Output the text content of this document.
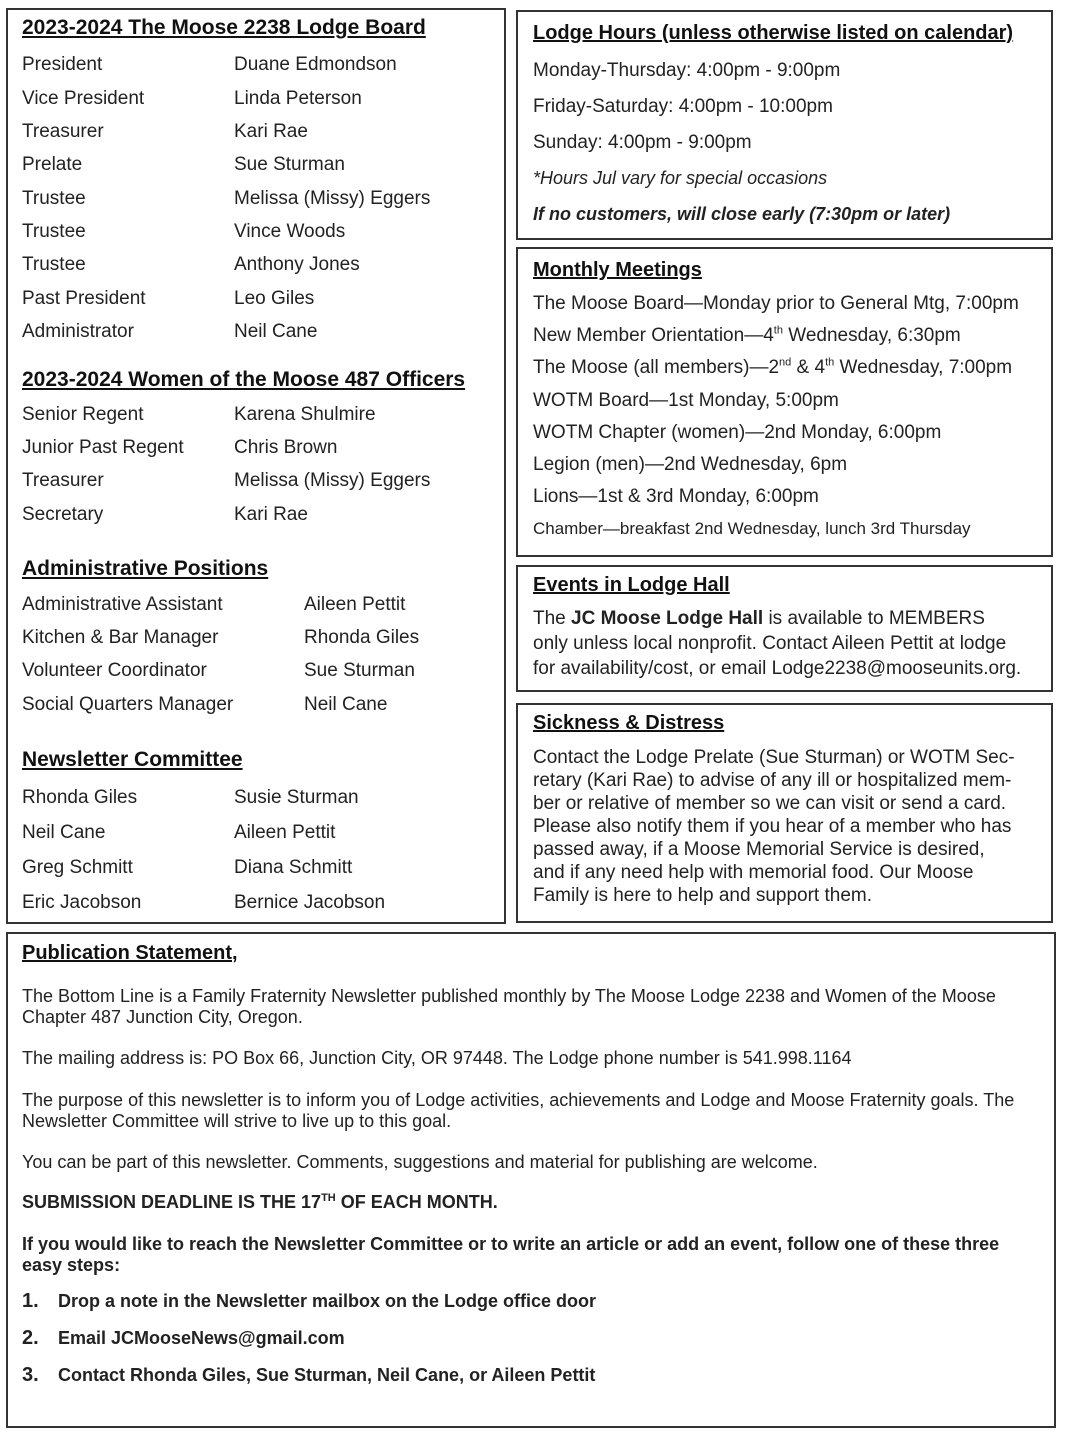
2023-2024 The Moose 2238 Lodge Board
President	Duane Edmondson
Vice President	Linda Peterson
Treasurer	Kari Rae
Prelate	Sue Sturman
Trustee	Melissa (Missy) Eggers
Trustee	Vince Woods
Trustee	Anthony Jones
Past President	Leo Giles
Administrator	Neil Cane
2023-2024 Women of the Moose 487 Officers
Senior Regent	Karena Shulmire
Junior Past Regent	Chris Brown
Treasurer	Melissa (Missy) Eggers
Secretary	Kari Rae
Administrative Positions
Administrative Assistant	Aileen Pettit
Kitchen & Bar Manager	Rhonda Giles
Volunteer Coordinator	Sue Sturman
Social Quarters Manager	Neil Cane
Newsletter Committee
Rhonda Giles	Susie Sturman
Neil Cane	Aileen Pettit
Greg Schmitt	Diana Schmitt
Eric Jacobson	Bernice Jacobson
Lodge Hours (unless otherwise listed on calendar)
Monday-Thursday: 4:00pm - 9:00pm
Friday-Saturday: 4:00pm - 10:00pm
Sunday: 4:00pm - 9:00pm
*Hours Jul vary for special occasions
If no customers, will close early (7:30pm or later)
Monthly Meetings
The Moose Board—Monday prior to General Mtg, 7:00pm
New Member Orientation—4th Wednesday, 6:30pm
The Moose (all members)—2nd & 4th Wednesday, 7:00pm
WOTM Board—1st Monday, 5:00pm
WOTM Chapter (women)—2nd Monday, 6:00pm
Legion (men)—2nd Wednesday, 6pm
Lions—1st & 3rd Monday, 6:00pm
Chamber—breakfast 2nd Wednesday, lunch 3rd Thursday
Events in Lodge Hall
The JC Moose Lodge Hall is available to MEMBERS
only unless local nonprofit. Contact Aileen Pettit at lodge
for availability/cost, or email Lodge2238@mooseunits.org.
Sickness & Distress
Contact the Lodge Prelate (Sue Sturman) or WOTM Sec-
retary (Kari Rae) to advise of any ill or hospitalized mem-
ber or relative of member so we can visit or send a card.
Please also notify them if you hear of a member who has
passed away, if a Moose Memorial Service is desired,
and if any need help with memorial food. Our Moose
Family is here to help and support them.
Publication Statement,
The Bottom Line is a Family Fraternity Newsletter published monthly by The Moose Lodge 2238 and Women of the Moose Chapter 487 Junction City, Oregon.
The mailing address is: PO Box 66, Junction City, OR 97448. The Lodge phone number is 541.998.1164
The purpose of this newsletter is to inform you of Lodge activities, achievements and Lodge and Moose Fraternity goals. The Newsletter Committee will strive to live up to this goal.
You can be part of this newsletter. Comments, suggestions and material for publishing are welcome.
SUBMISSION DEADLINE IS THE 17TH OF EACH MONTH.
If you would like to reach the Newsletter Committee or to write an article or add an event, follow one of these three easy steps:
1. Drop a note in the Newsletter mailbox on the Lodge office door
2. Email JCMooseNews@gmail.com
3. Contact Rhonda Giles, Sue Sturman, Neil Cane, or Aileen Pettit
